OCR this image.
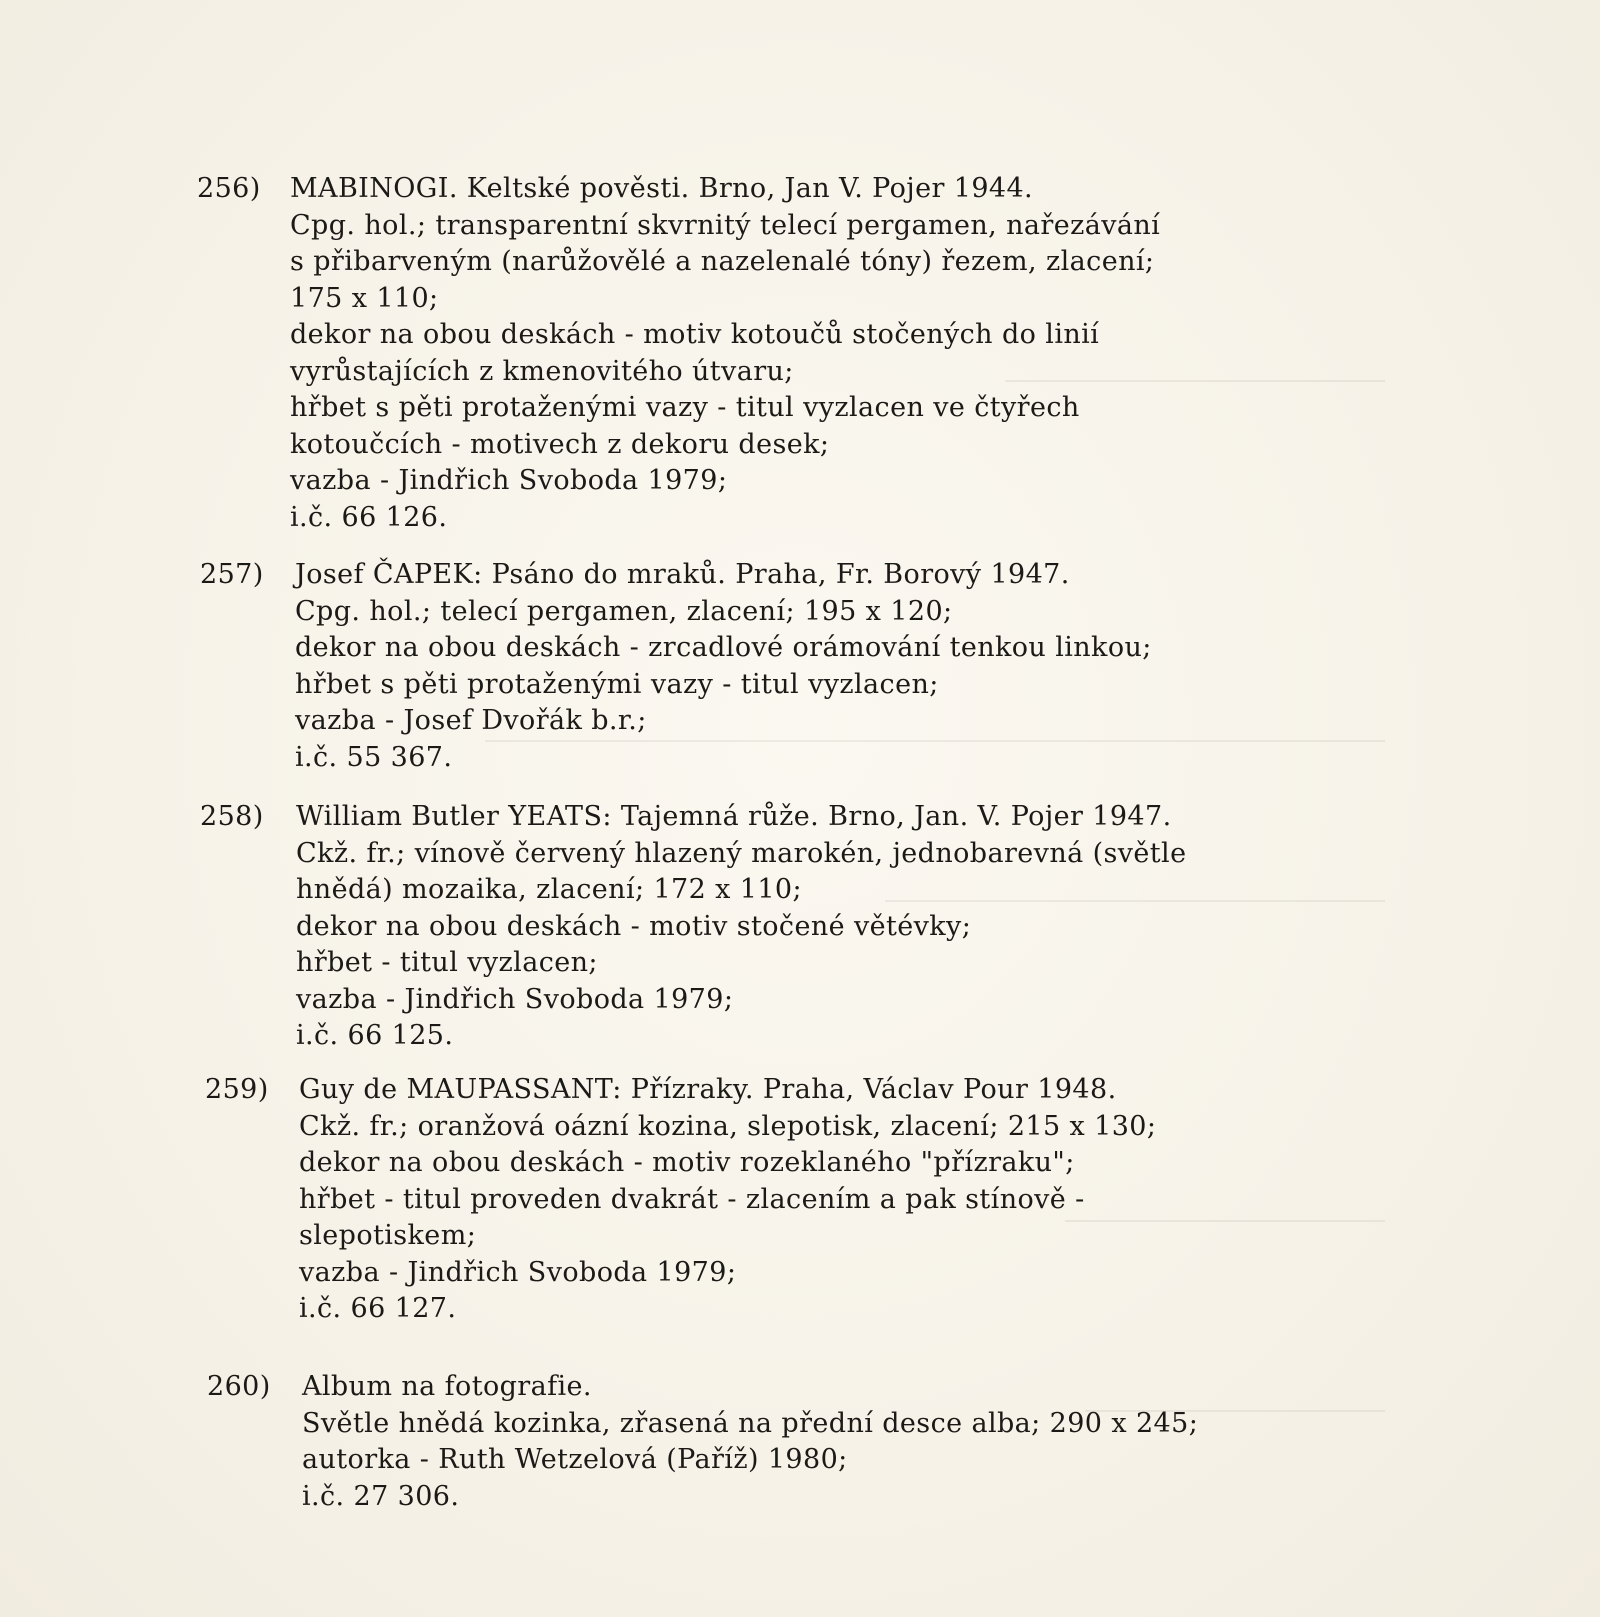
256) MABINOGI. Keltské pověsti. Brno, Jan V. Pojer 1944.
Cpg. hol.; transparentní skvrnitý telecí pergamen, nařezávání
s přibarveným (narůžovělé a nazelenalé tóny) řezem, zlacení;
175 x 110;
dekor na obou deskách - motiv kotoučů stočených do linií
vyrůstajících z kmenovitého útvaru;
hřbet s pěti protaženými vazy - titul vyzlacen ve čtyřech
kotoučcích - motivech z dekoru desek;
vazba - Jindřich Svoboda 1979;
i.č. 66 126.
257) Josef ČAPEK: Psáno do mraků. Praha, Fr. Borový 1947.
Cpg. hol.; telecí pergamen, zlacení; 195 x 120;
dekor na obou deskách - zrcadlové orámování tenkou linkou;
hřbet s pěti protaženými vazy - titul vyzlacen;
vazba - Josef Dvořák b.r.;
i.č. 55 367.
258) William Butler YEATS: Tajemná růže. Brno, Jan. V. Pojer 1947.
Ckž. fr.; vínově červený hlazený marokén, jednobarevná (světle
hnědá) mozaika, zlacení; 172 x 110;
dekor na obou deskách - motiv stočené větévky;
hřbet - titul vyzlacen;
vazba - Jindřich Svoboda 1979;
i.č. 66 125.
259) Guy de MAUPASSANT: Přízraky. Praha, Václav Pour 1948.
Ckž. fr.; oranžová oázní kozina, slepotisk, zlacení; 215 x 130;
dekor na obou deskách - motiv rozeklaného "přízraku";
hřbet - titul proveden dvakrát - zlacením a pak stínově -
slepotiskem;
vazba - Jindřich Svoboda 1979;
i.č. 66 127.
260) Album na fotografie.
Světle hnědá kozinka, zřasená na přední desce alba; 290 x 245;
autorka - Ruth Wetzelová (Paříž) 1980;
i.č. 27 306.
